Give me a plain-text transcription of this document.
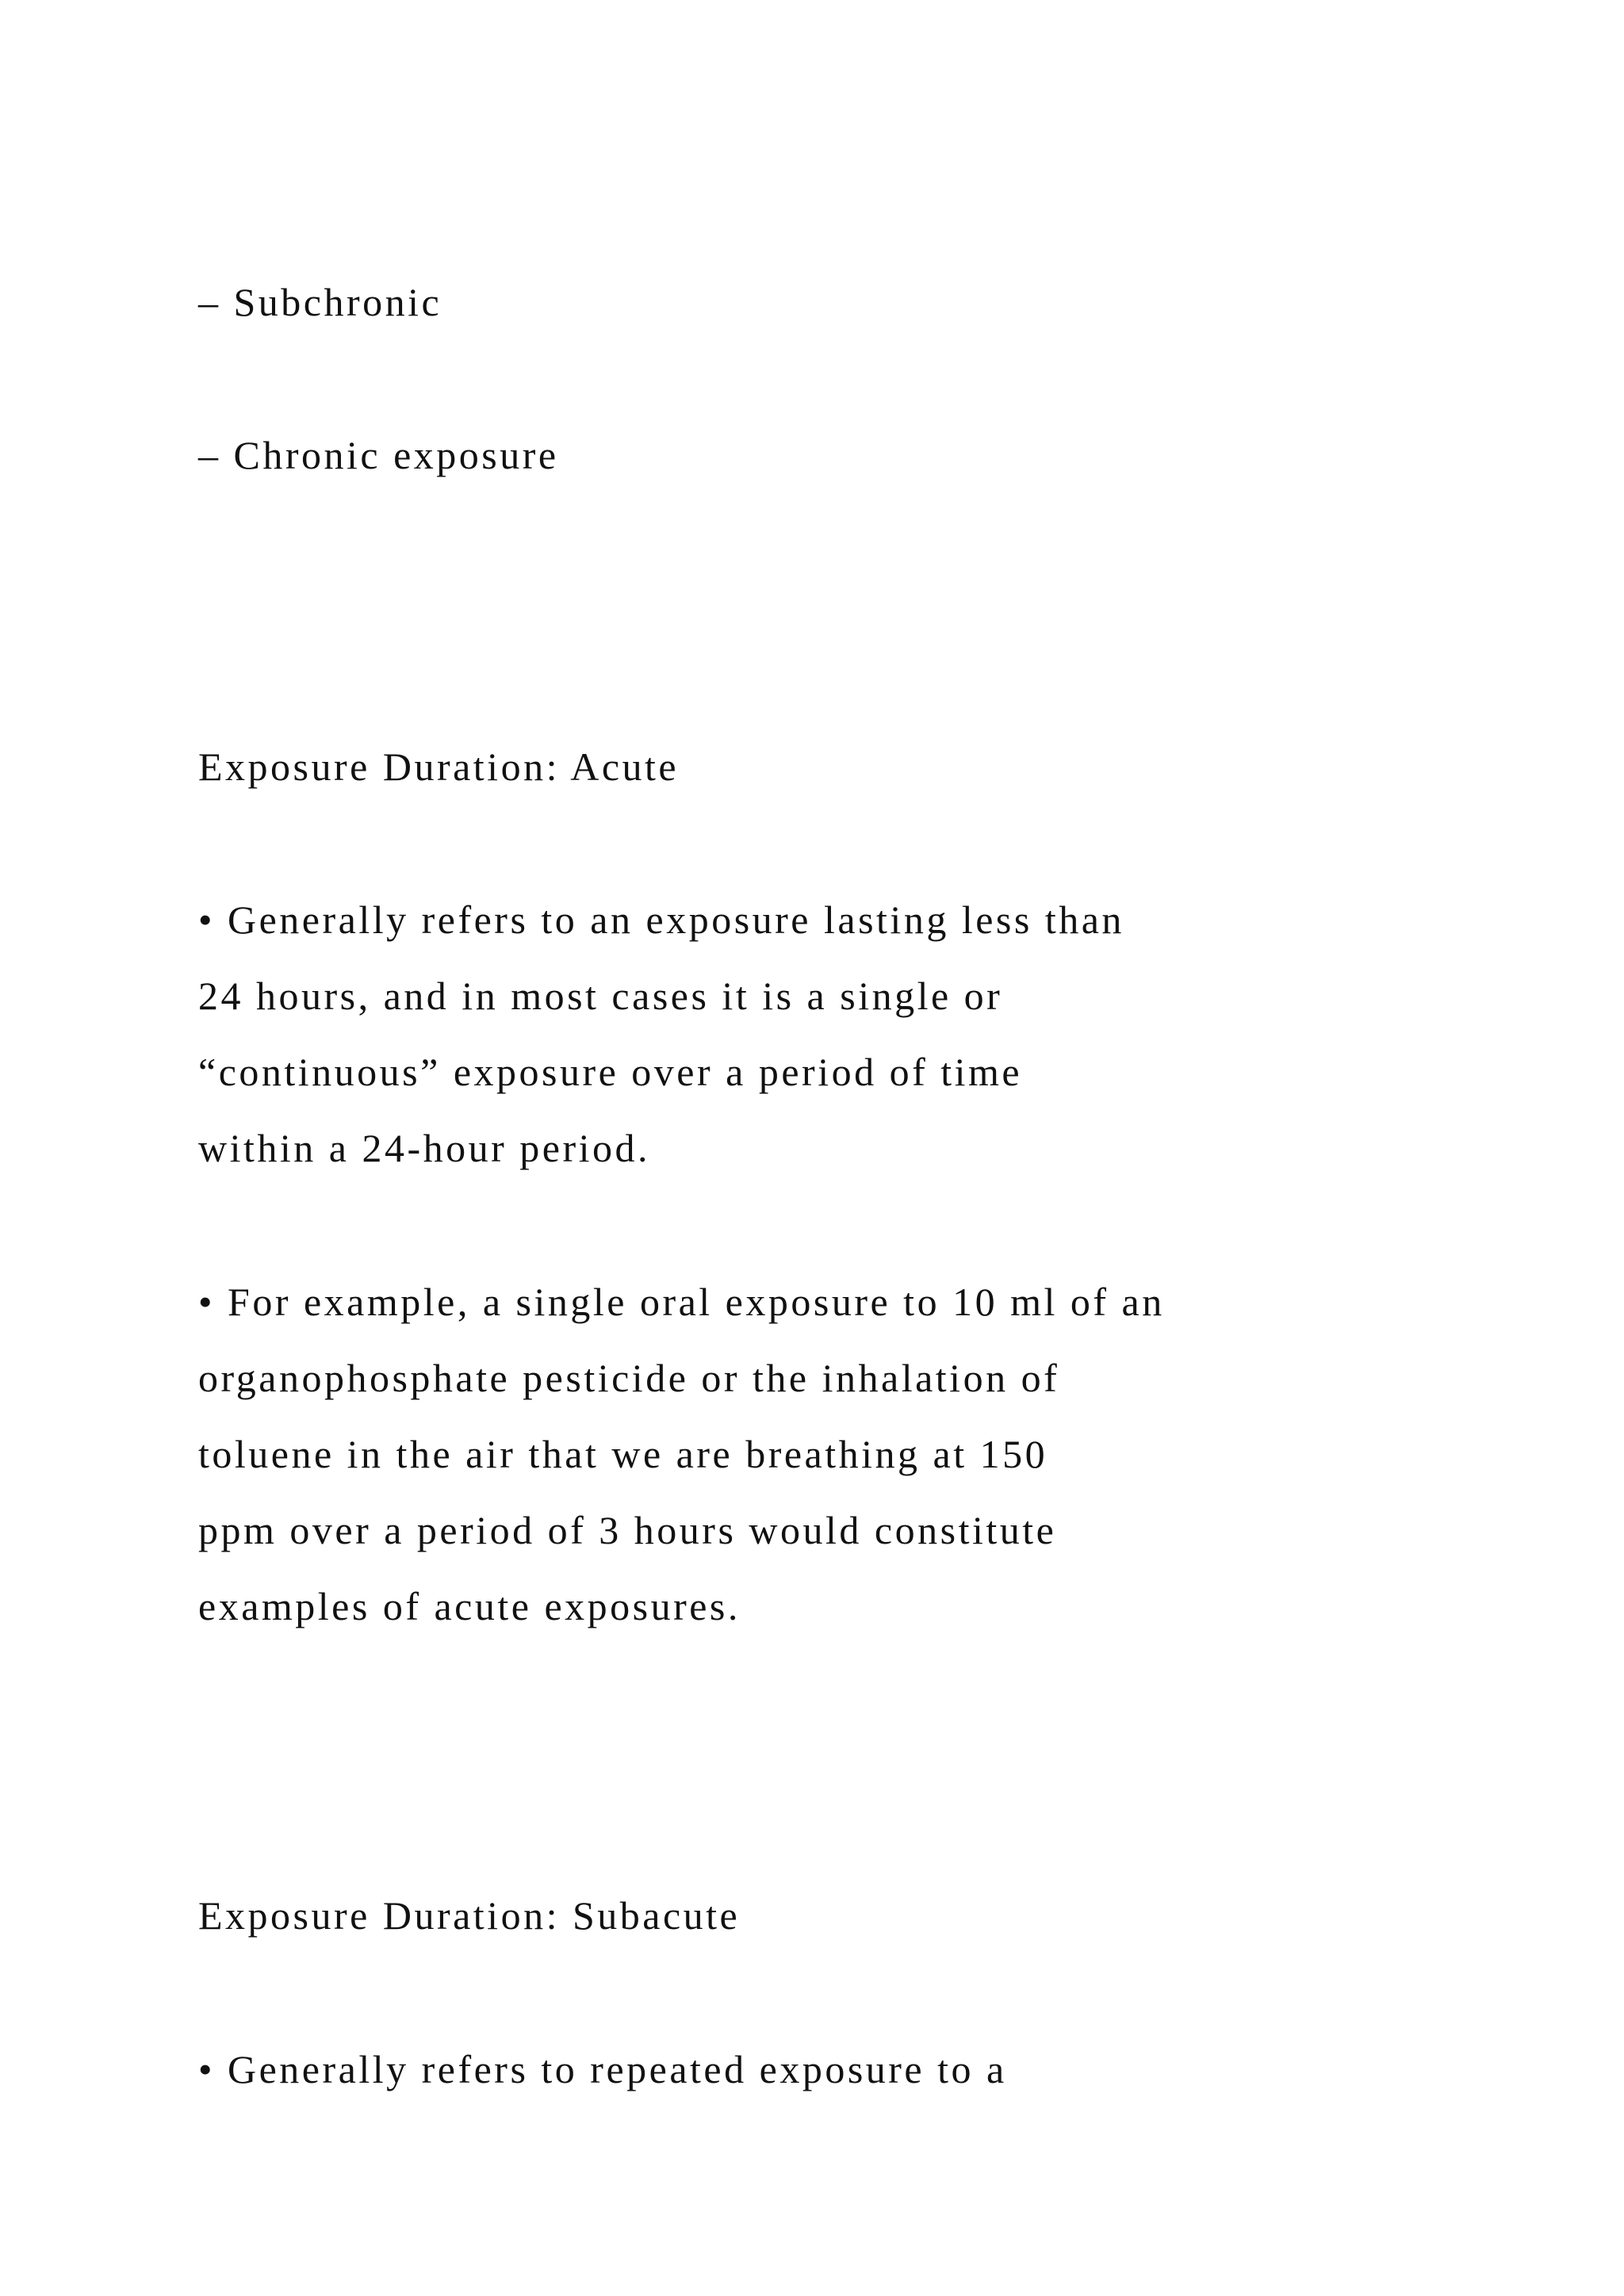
– Subchronic

– Chronic exposure

Exposure Duration: Acute

• Generally refers to an exposure lasting less than

24 hours, and in most cases it is a single or

“continuous” exposure over a period of time

within a 24-hour period.

• For example, a single oral exposure to 10 ml of an

organophosphate pesticide or the inhalation of

toluene in the air that we are breathing at 150

ppm over a period of 3 hours would constitute

examples of acute exposures.

Exposure Duration: Subacute

• Generally refers to repeated exposure to a
